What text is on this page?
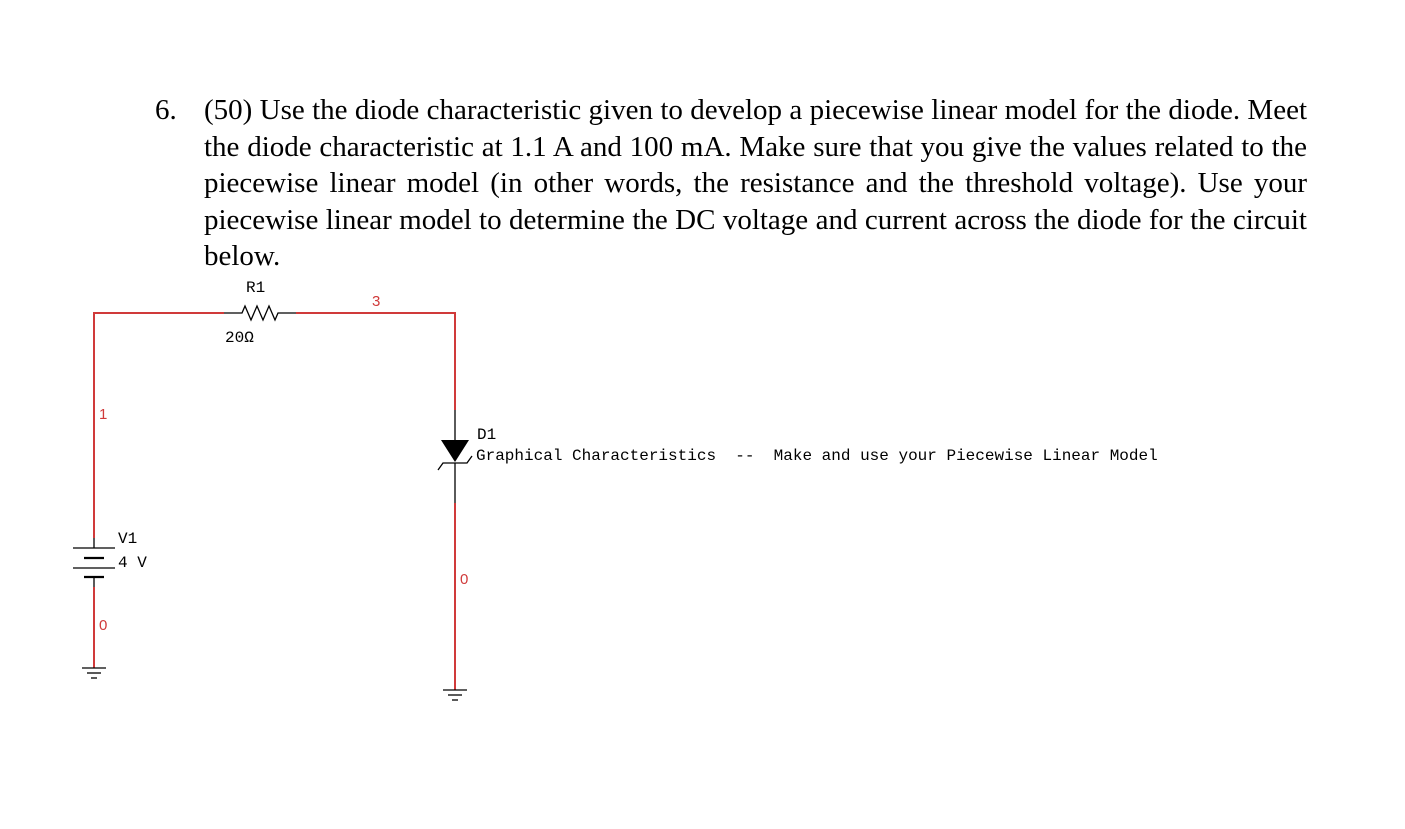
6. (50) Use the diode characteristic given to develop a piecewise linear model for the diode. Meet the diode characteristic at 1.1 A and 100 mA. Make sure that you give the values related to the piecewise linear model (in other words, the resistance and the threshold voltage). Use your piecewise linear model to determine the DC voltage and current across the diode for the circuit below.
R1
20Ω
V1
4 V
D1
Graphical Characteristics  --  Make and use your Piecewise Linear Model
1
3
0
0
